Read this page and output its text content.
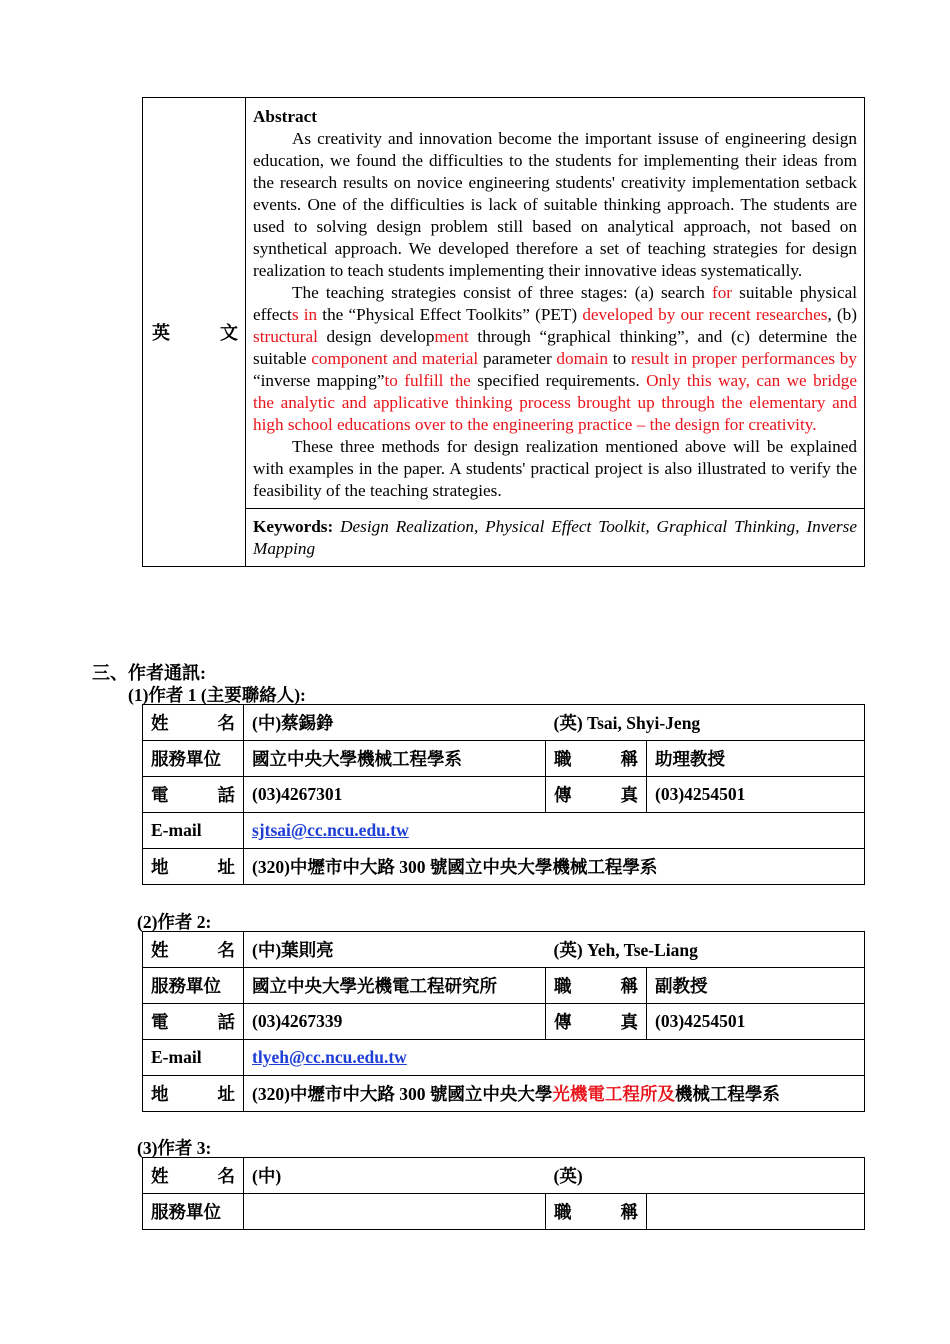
英	文

Abstract

As creativity and innovation become the important issuse of engineering design education, we found the difficulties to the students for implementing their ideas from the research results on novice engineering students' creativity implementation setback events. One of the difficulties is lack of suitable thinking approach. The students are used to solving design problem still based on analytical approach, not based on synthetical approach. We developed therefore a set of teaching strategies for design realization to teach students implementing their innovative ideas systematically.

The teaching strategies consist of three stages: (a) search for suitable physical effects in the “Physical Effect Toolkits” (PET) developed by our recent researches, (b) structural design development through “graphical thinking”, and (c) determine the suitable component and material parameter domain to result in proper performances by “inverse mapping”to fulfill the specified requirements. Only this way, can we bridge the analytic and applicative thinking process brought up through the elementary and high school educations over to the engineering practice – the design for creativity.

These three methods for design realization mentioned above will be explained with examples in the paper. A students' practical project is also illustrated to verify the feasibility of the teaching strategies.

Keywords: Design Realization, Physical Effect Toolkit, Graphical Thinking, Inverse Mapping
三、作者通訊:
(1)作者 1 (主要聯絡人):
姓 名	(中)蔡錫錚	(英) Tsai, Shyi-Jeng	
服務單位	國立中央大學機械工程學系	職 稱	助理教授

電 話	(03)4267301	傳 真	(03)4254501
E-mail	sjtsai@cc.ncu.edu.tw		

地 址	(320)中壢市中大路 300 號國立中央大學機械工程學系		
(2)作者 2:
姓 名	(中)葉則亮	(英) Yeh, Tse-Liang	
服務單位	國立中央大學光機電工程研究所	職 稱	副教授

電 話	(03)4267339	傳 真	(03)4254501
E-mail	tlyeh@cc.ncu.edu.tw		

地 址	(320)中壢市中大路 300 號國立中央大學光機電工程所及機械工程學系		
(3)作者 3:
姓 名	(中)	(英)	
服務單位		職 稱	
